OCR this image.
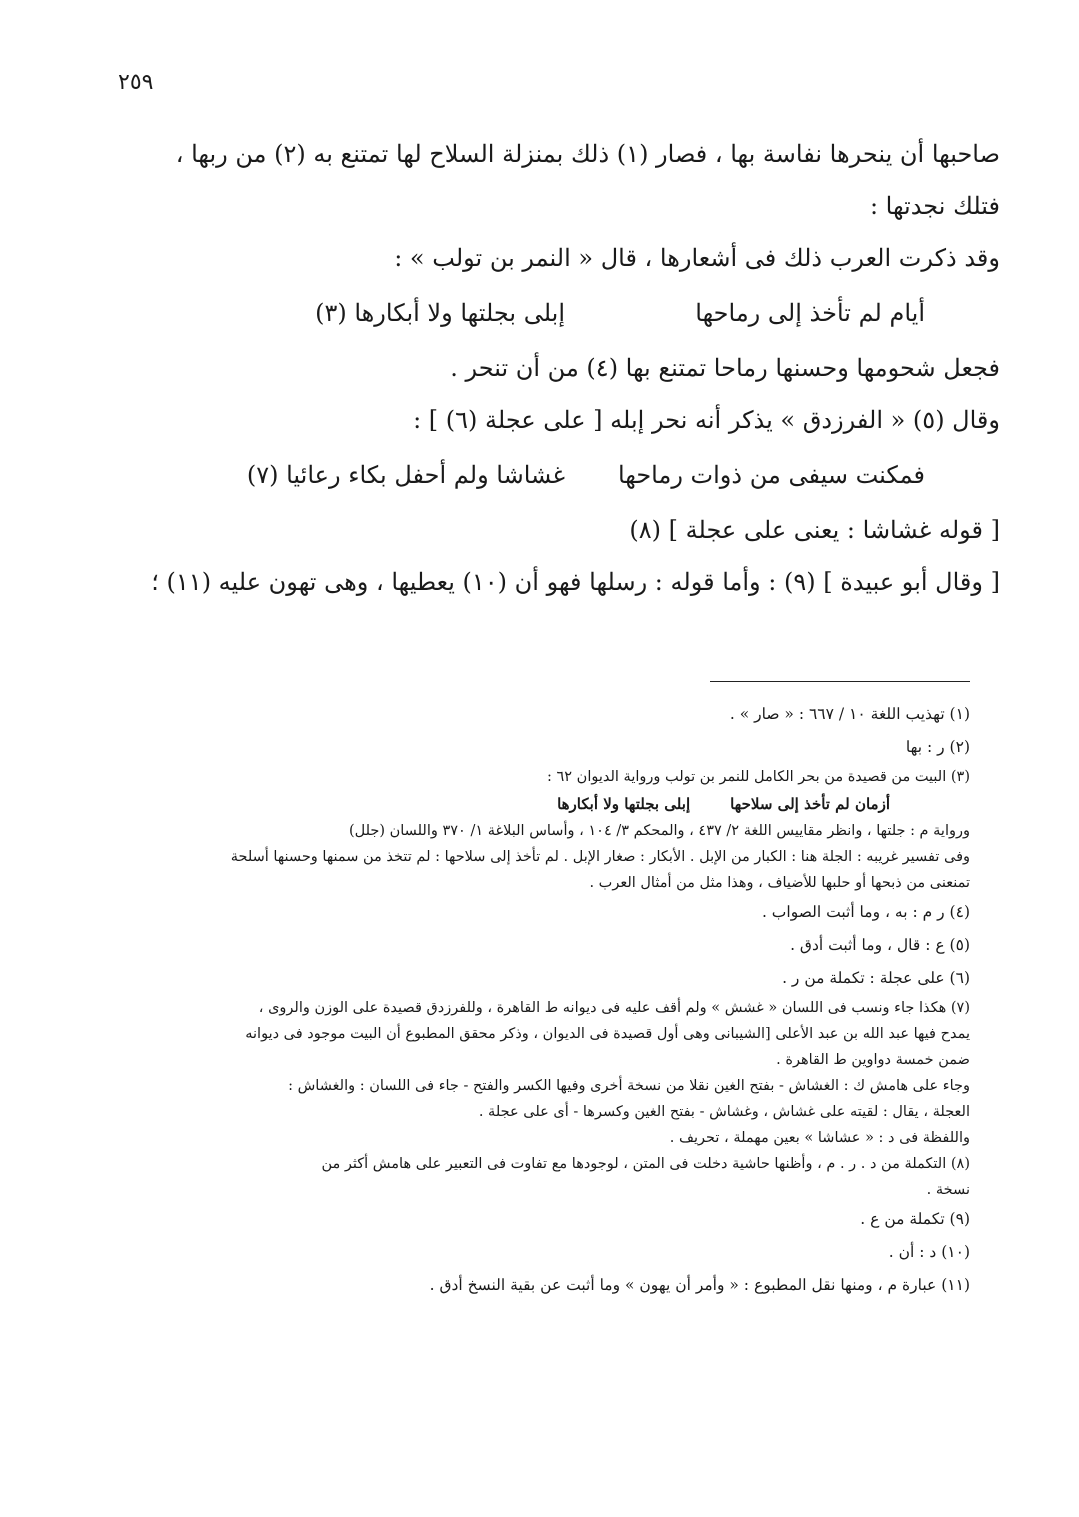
٢٥٩
صاحبها أن ينحرها نفاسة بها ، فصار (١) ذلك بمنزلة السلاح لها تمتنع به (٢) من ربها ،
فتلك نجدتها :
وقد ذكرت العرب ذلك فى أشعارها ، قال « النمر بن تولب » :
أيام لم تأخذ إلى رماحها
إبلى بجلتها ولا أبكارها (٣)
فجعل شحومها وحسنها رماحا تمتنع بها (٤) من أن تنحر .
وقال (٥) « الفرزدق » يذكر أنه نحر إبله [ على عجلة (٦) ] :
فمكنت سيفى من ذوات رماحها
غشاشا ولم أحفل بكاء رعائيا (٧)
[ قوله غشاشا : يعنى على عجلة ] (٨)
[ وقال أبو عبيدة ] (٩) : وأما قوله : رسلها فهو أن (١٠) يعطيها ، وهى تهون عليه (١١) ؛
(١) تهذيب اللغة ١٠ / ٦٦٧ : « صار » .
(٢) ر : بها
(٣) البيت من قصيدة من بحر الكامل للنمر بن تولب ورواية الديوان ٦٢ :
أزمان لم تأخذ إلى سلاحها
إبلى بجلتها ولا أبكارها
ورواية م : جلتها ، وانظر مقاييس اللغة ٢/ ٤٣٧ ، والمحكم ٣/ ١٠٤ ، وأساس البلاغة ١/ ٣٧٠ واللسان (جلل)
وفى تفسير غريبه : الجلة هنا : الكبار من الإبل . الأبكار : صغار الإبل . لم تأخذ إلى سلاحها : لم تتخذ من سمنها وحسنها أسلحة
تمنعنى من ذبحها أو حلبها للأضياف ، وهذا مثل من أمثال العرب .
(٤) ر م : به ، وما أثبت الصواب .
(٥) ع : قال ، وما أثبت أدق .
(٦) على عجلة : تكملة من ر .
(٧) هكذا جاء ونسب فى اللسان « غشش » ولم أقف عليه فى ديوانه ط القاهرة ، وللفرزدق قصيدة على الوزن والروى ،
يمدح فيها عبد الله بن عبد الأعلى [الشيبانى وهى أول قصيدة فى الديوان ، وذكر محقق المطبوع أن البيت موجود فى ديوانه
ضمن خمسة دواوين ط القاهرة .
وجاء على هامش ك : الغشاش - بفتح الغين نقلا من نسخة أخرى وفيها الكسر والفتح - جاء فى اللسان : والغشاش :
العجلة ، يقال : لقيته على غشاش ، وغشاش - بفتح الغين وكسرها - أى على عجلة .
واللفظة فى د : « عشاشا » بعين مهملة ، تحريف .
(٨) التكملة من د . ر . م ، وأظنها حاشية دخلت فى المتن ، لوجودها مع تفاوت فى التعبير على هامش أكثر من
نسخة .
(٩) تكملة من ع .
(١٠) د : أن .
(١١) عبارة م ، ومنها نقل المطبوع : « وأمر أن يهون » وما أثبت عن بقية النسخ أدق .
